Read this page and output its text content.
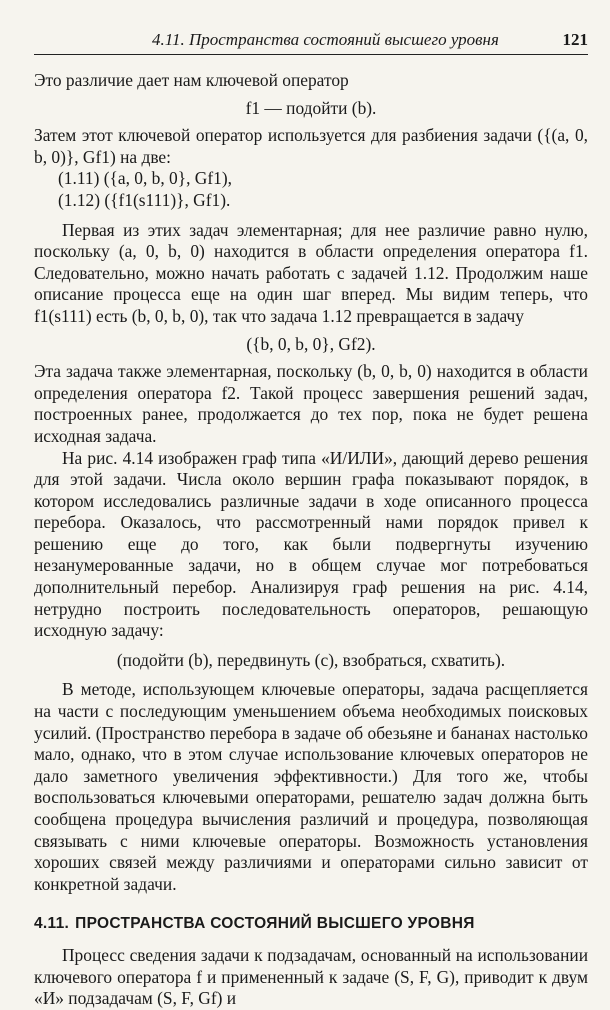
4.11. Пространства состояний высшего уровня	121

Это различие дает нам ключевой оператор

f1 — подойти (b).

Затем этот ключевой оператор используется для разбиения задачи ({(a, 0, b, 0)}, Gf1) на две:

(1.11) ({a, 0, b, 0}, Gf1),

(1.12) ({f1(s111)}, Gf1).

Первая из этих задач элементарная; для нее различие равно нулю, поскольку (a, 0, b, 0) находится в области определения оператора f1. Следовательно, можно начать работать с задачей 1.12. Продолжим наше описание процесса еще на один шаг вперед. Мы видим теперь, что f1(s111) есть (b, 0, b, 0), так что задача 1.12 превращается в задачу

({b, 0, b, 0}, Gf2).

Эта задача также элементарная, поскольку (b, 0, b, 0) находится в области определения оператора f2. Такой процесс завершения решений задач, построенных ранее, продолжается до тех пор, пока не будет решена исходная задача.

На рис. 4.14 изображен граф типа «И/ИЛИ», дающий дерево решения для этой задачи. Числа около вершин графа показывают порядок, в котором исследовались различные задачи в ходе описанного процесса перебора. Оказалось, что рассмотренный нами порядок привел к решению еще до того, как были подвергнуты изучению незанумерованные задачи, но в общем случае мог потребоваться дополнительный перебор. Анализируя граф решения на рис. 4.14, нетрудно построить последовательность операторов, решающую исходную задачу:

(подойти (b), передвинуть (c), взобраться, схватить).

В методе, использующем ключевые операторы, задача расщепляется на части с последующим уменьшением объема необходимых поисковых усилий. (Пространство перебора в задаче об обезьяне и бананах настолько мало, однако, что в этом случае использование ключевых операторов не дало заметного увеличения эффективности.) Для того же, чтобы воспользоваться ключевыми операторами, решателю задач должна быть сообщена процедура вычисления различий и процедура, позволяющая связывать с ними ключевые операторы. Возможность установления хороших связей между различиями и операторами сильно зависит от конкретной задачи.

4.11. ПРОСТРАНСТВА СОСТОЯНИЙ ВЫСШЕГО УРОВНЯ

Процесс сведения задачи к подзадачам, основанный на использовании ключевого оператора f и примененный к задаче (S, F, G), приводит к двум «И» подзадачам (S, F, Gf) и
